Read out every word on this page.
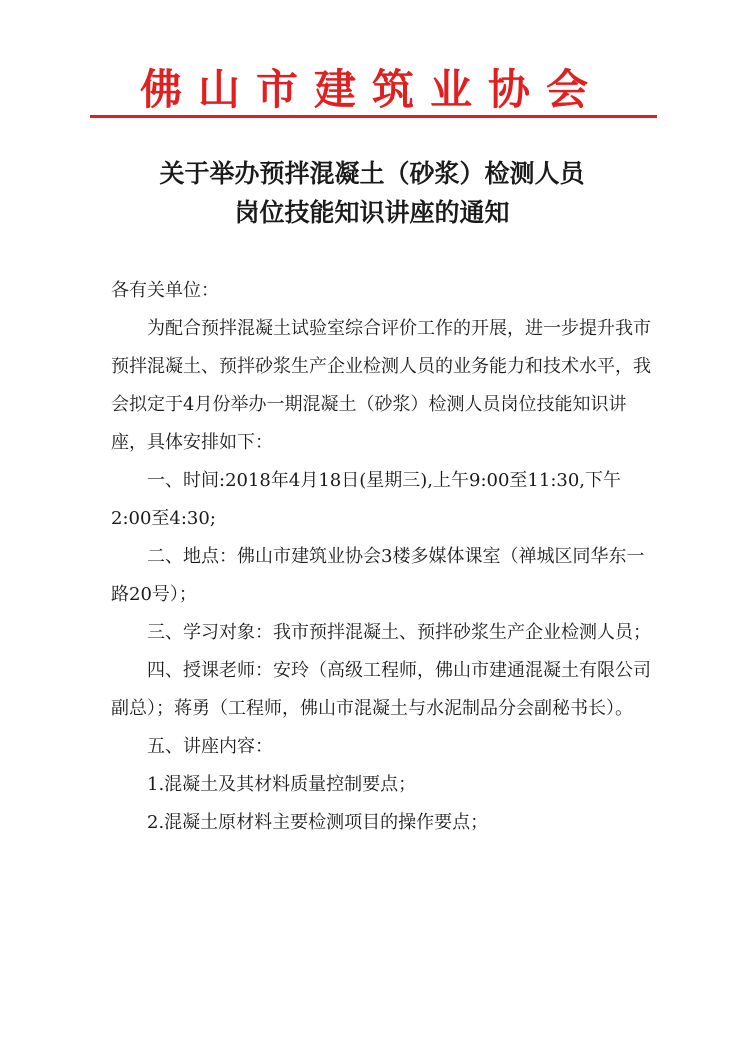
佛山市建筑业协会
关于举办预拌混凝土（砂浆）检测人员
岗位技能知识讲座的通知

各有关单位：

为配合预拌混凝土试验室综合评价工作的开展，进一步提升我市预拌混凝土、预拌砂浆生产企业检测人员的业务能力和技术水平，我会拟定于4月份举办一期混凝土（砂浆）检测人员岗位技能知识讲座，具体安排如下：

一、时间:2018年4月18日(星期三),上午9:00至11:30,下午2:00至4:30;

二、地点：佛山市建筑业协会3楼多媒体课室（禅城区同华东一路20号）；

三、学习对象：我市预拌混凝土、预拌砂浆生产企业检测人员；

四、授课老师：安玲（高级工程师，佛山市建通混凝土有限公司副总）；蒋勇（工程师，佛山市混凝土与水泥制品分会副秘书长）。

五、讲座内容：

1.混凝土及其材料质量控制要点；

2.混凝土原材料主要检测项目的操作要点；
